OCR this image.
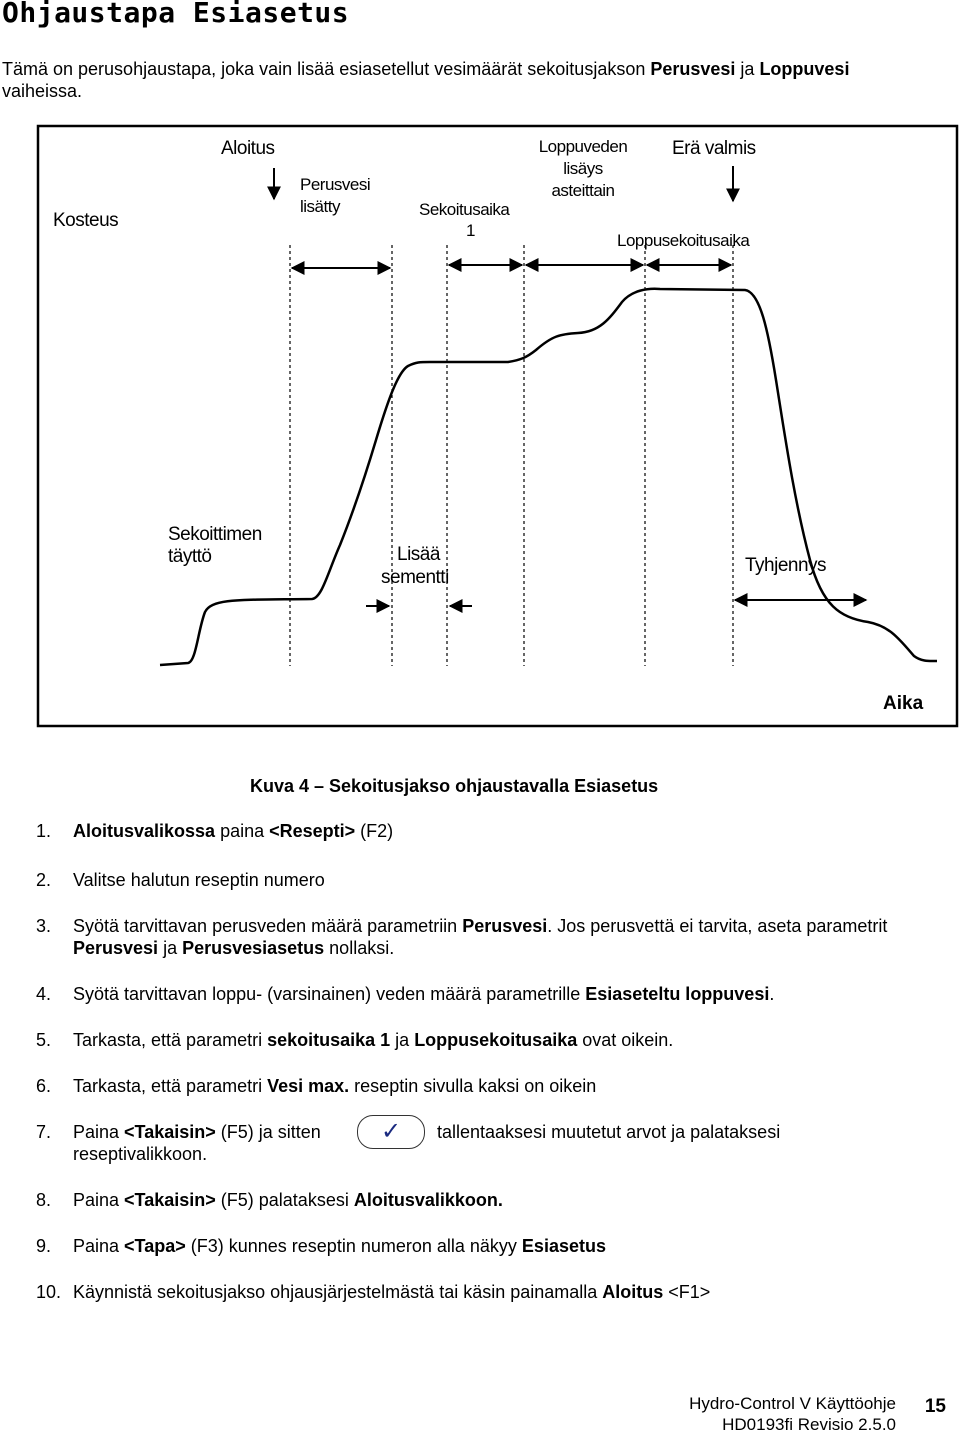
Ohjaustapa Esiasetus

Tämä on perusohjaustapa, joka vain lisää esiasetellut vesimäärät sekoitusjakson Perusvesi ja Loppuvesi
vaiheissa.

Kosteus
Aika
Aloitus
Perusvesi
lisätty	Sekoitusaika
1
Loppuveden
lisäys
asteittain
Erä valmis
Loppusekoitusaika
Sekoittimen
täyttö	Lisää
sementti
Tyhjennys

Kuva 4 – Sekoitusjakso ohjaustavalla Esiasetus

1. Aloitusvalikossa paina <Resepti> (F2)
2. Valitse halutun reseptin numero
3. Syötä tarvittavan perusveden määrä parametriin Perusvesi. Jos perusvettä ei tarvita, aseta parametrit Perusvesi ja Perusvesiasetus nollaksi.
4. Syötä tarvittavan loppu- (varsinainen) veden määrä parametrille Esiaseteltu loppuvesi.
5. Tarkasta, että parametri sekoitusaika 1 ja Loppusekoitusaika ovat oikein.
6. Tarkasta, että parametri Vesi max. reseptin sivulla kaksi on oikein
7.	tallentaaksesi muutetut arvot ja palataksesi reseptivalikkoon.
Paina <Takaisin> (F5) ja sitten	✓
8. Paina <Takaisin> (F5) palataksesi Aloitusvalikkoon.
9. Paina <Tapa> (F3) kunnes reseptin numeron alla näkyy Esiasetus
10. Käynnistä sekoitusjakso ohjausjärjestelmästä tai käsin painamalla Aloitus <F1>
Hydro-Control V Käyttöohje
HD0193fi Revisio 2.5.0
15
